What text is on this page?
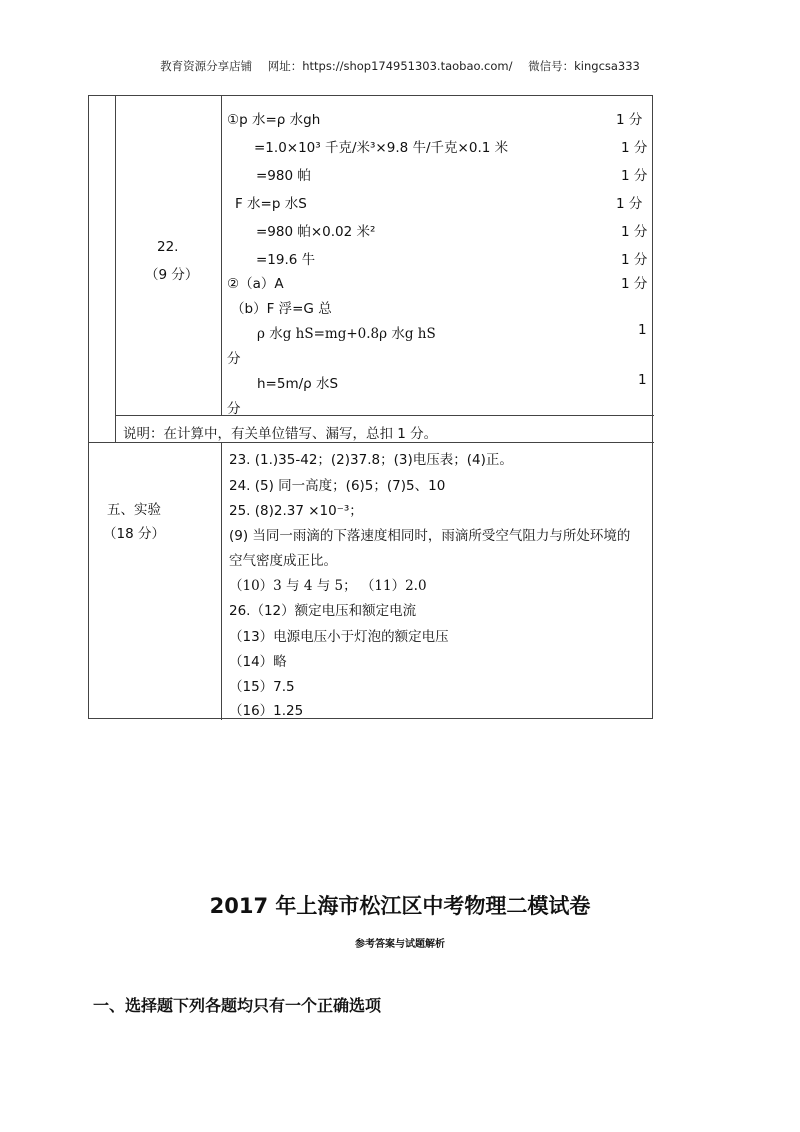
教育资源分享店铺 网址：https://shop174951303.taobao.com/ 微信号：kingcsa333
22.
（9 分）
①p 水=ρ 水gh	1 分
=1.0×10³ 千克/米³×9.8 牛/千克×0.1 米	1 分
=980 帕	1 分
F 水=p 水S	1 分
=980 帕×0.02 米²	1 分
=19.6 牛	1 分
②（a）A	1 分
（b）F 浮=G 总
ρ 水g hS=mg+0.8ρ 水g hS	1
分
h=5m/ρ 水S	1
分
说明：在计算中，有关单位错写、漏写，总扣 1 分。
五、实验
（18 分）
23. (1.)35-42；(2)37.8；(3)电压表；(4)正。
24. (5) 同一高度；(6)5；(7)5、10
25. (8)2.37 ×10⁻³；
(9) 当同一雨滴的下落速度相同时，雨滴所受空气阻力与所处环境的
空气密度成正比。
（10）3 与 4 与 5； （11）2.0
26.（12）额定电压和额定电流
（13）电源电压小于灯泡的额定电压
（14）略
（15）7.5
（16）1.25
2017 年上海市松江区中考物理二模试卷
参考答案与试题解析
一、选择题下列各题均只有一个正确选项
